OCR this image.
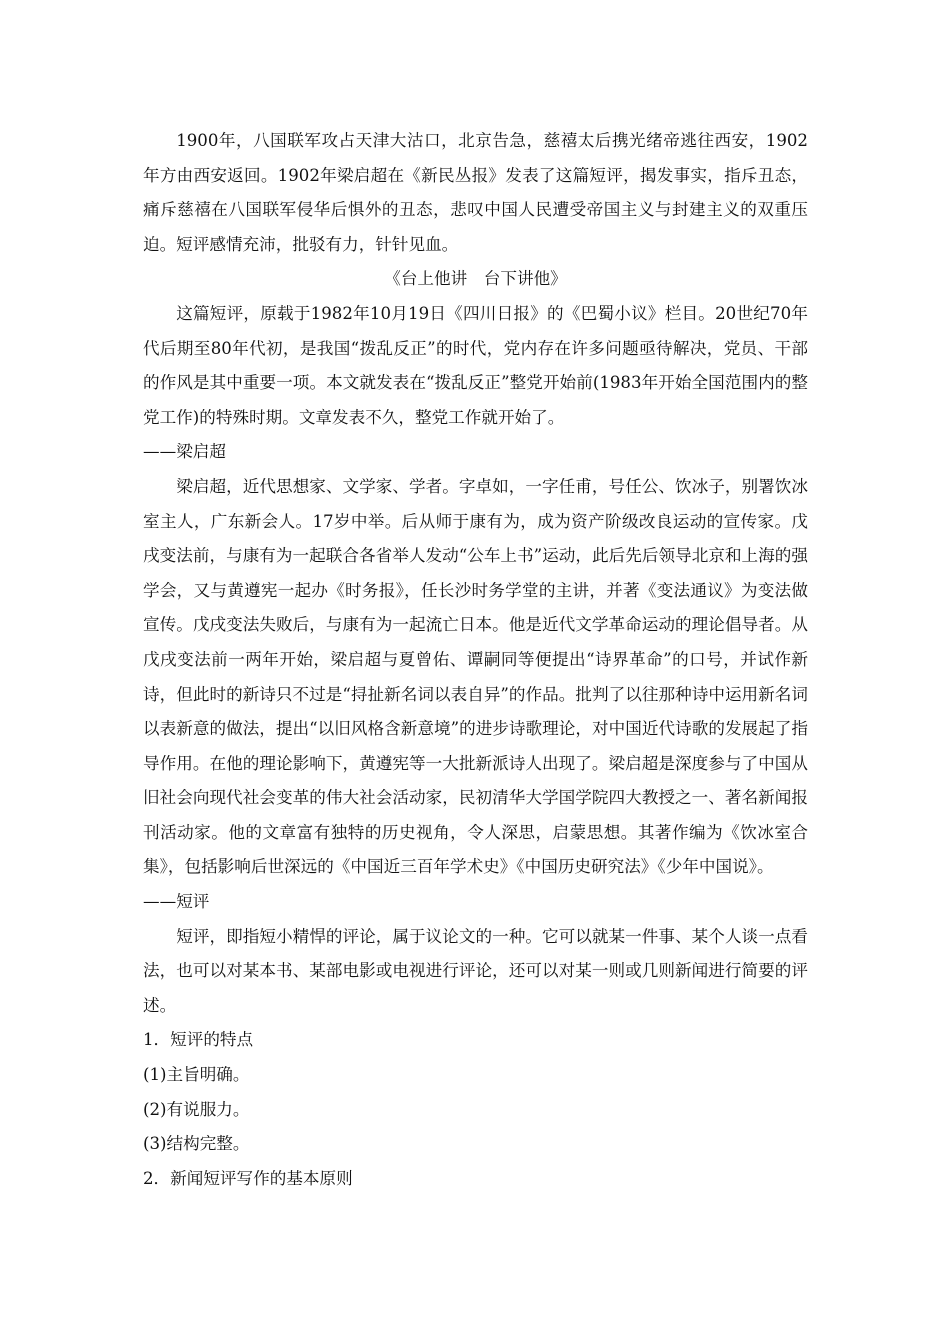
1900年，八国联军攻占天津大沽口，北京告急，慈禧太后携光绪帝逃往西安，1902年方由西安返回。1902年梁启超在《新民丛报》发表了这篇短评，揭发事实，指斥丑态，痛斥慈禧在八国联军侵华后惧外的丑态，悲叹中国人民遭受帝国主义与封建主义的双重压迫。短评感情充沛，批驳有力，针针见血。

《台上他讲　台下讲他》

这篇短评，原载于1982年10月19日《四川日报》的《巴蜀小议》栏目。20世纪70年代后期至80年代初，是我国“拨乱反正”的时代，党内存在许多问题亟待解决，党员、干部的作风是其中重要一项。本文就发表在“拨乱反正”整党开始前(1983年开始全国范围内的整党工作)的特殊时期。文章发表不久，整党工作就开始了。

——梁启超

梁启超，近代思想家、文学家、学者。字卓如，一字任甫，号任公、饮冰子，别署饮冰室主人，广东新会人。17岁中举。后从师于康有为，成为资产阶级改良运动的宣传家。戊戌变法前，与康有为一起联合各省举人发动“公车上书”运动，此后先后领导北京和上海的强学会，又与黄遵宪一起办《时务报》，任长沙时务学堂的主讲，并著《变法通议》为变法做宣传。戊戌变法失败后，与康有为一起流亡日本。他是近代文学革命运动的理论倡导者。从戊戌变法前一两年开始，梁启超与夏曾佑、谭嗣同等便提出“诗界革命”的口号，并试作新诗，但此时的新诗只不过是“挦扯新名词以表自异”的作品。批判了以往那种诗中运用新名词以表新意的做法，提出“以旧风格含新意境”的进步诗歌理论，对中国近代诗歌的发展起了指导作用。在他的理论影响下，黄遵宪等一大批新派诗人出现了。梁启超是深度参与了中国从旧社会向现代社会变革的伟大社会活动家，民初清华大学国学院四大教授之一、著名新闻报刊活动家。他的文章富有独特的历史视角，令人深思，启蒙思想。其著作编为《饮冰室合集》，包括影响后世深远的《中国近三百年学术史》《中国历史研究法》《少年中国说》。

——短评

短评，即指短小精悍的评论，属于议论文的一种。它可以就某一件事、某个人谈一点看法，也可以对某本书、某部电影或电视进行评论，还可以对某一则或几则新闻进行简要的评述。

1．短评的特点

(1)主旨明确。

(2)有说服力。

(3)结构完整。

2．新闻短评写作的基本原则
